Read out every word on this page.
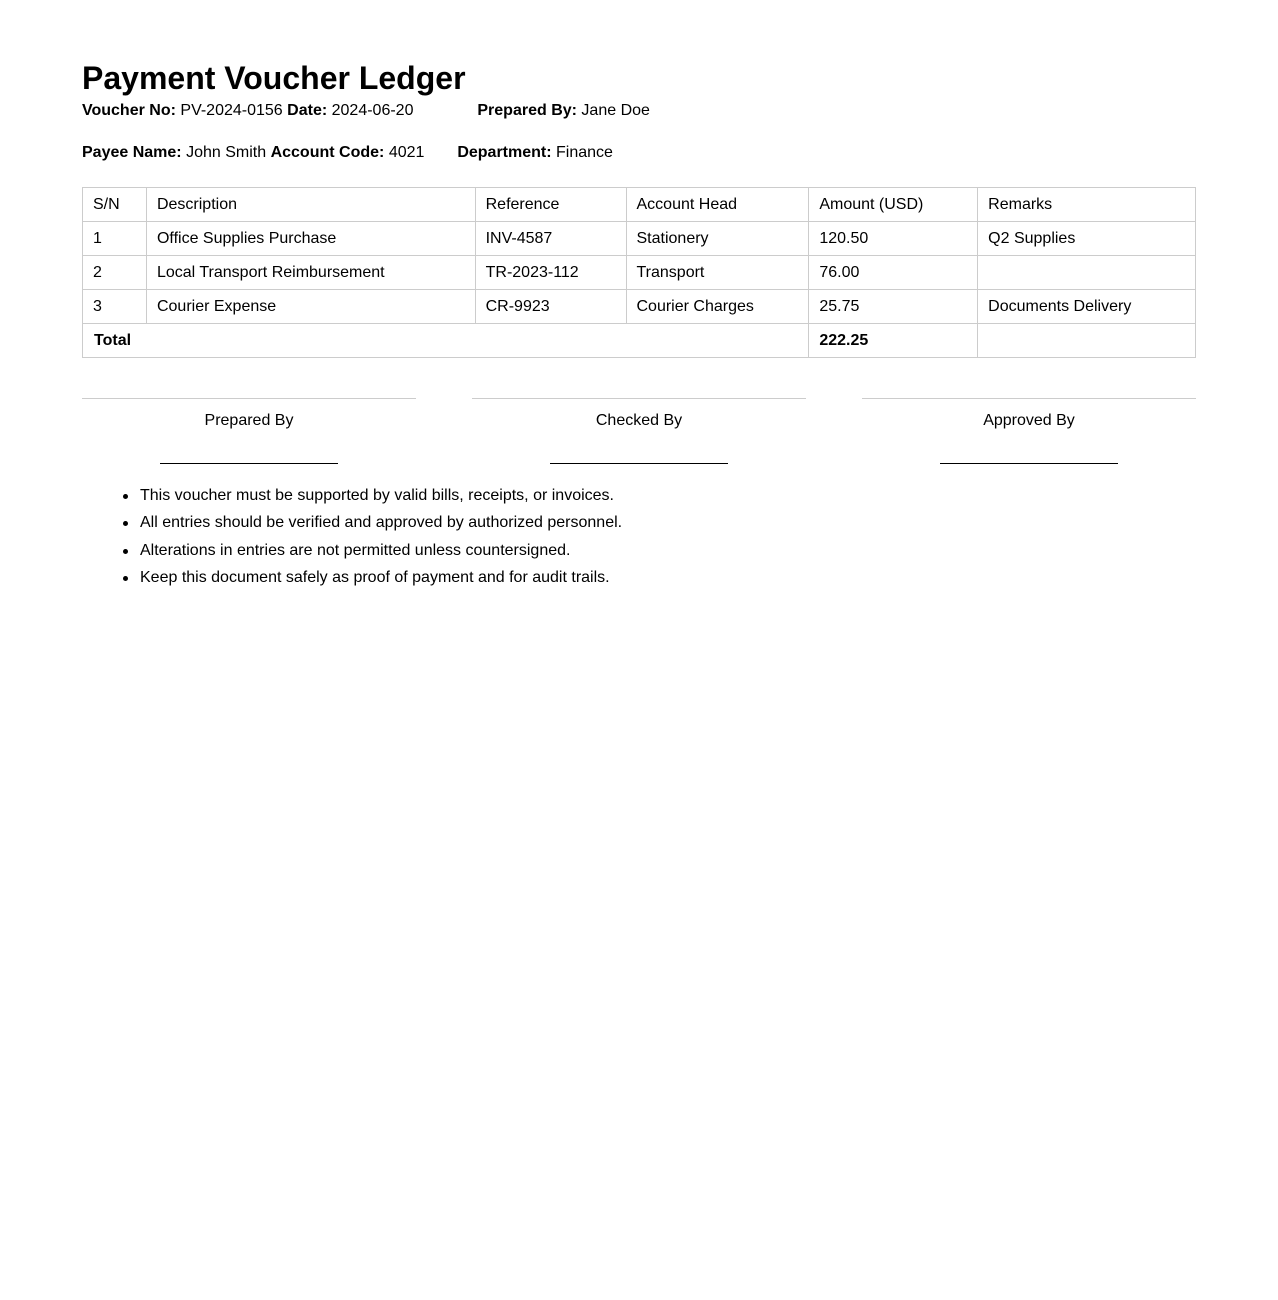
Payment Voucher Ledger
Voucher No: PV-2024-0156 Date: 2024-06-20	Prepared By: Jane Doe
Payee Name: John Smith Account Code: 4021 Department: Finance
S/N	Description	Reference	Account Head	Amount (USD)	Remarks
1	Office Supplies Purchase	INV-4587	Stationery	120.50	Q2 Supplies
2	Local Transport Reimbursement	TR-2023-112	Transport	76.00	
3	Courier Expense	CR-9923	Courier Charges	25.75	Documents Delivery
Total				222.25	
Prepared By	Checked By	Approved By
This voucher must be supported by valid bills, receipts, or invoices.
All entries should be verified and approved by authorized personnel.
Alterations in entries are not permitted unless countersigned.
Keep this document safely as proof of payment and for audit trails.
